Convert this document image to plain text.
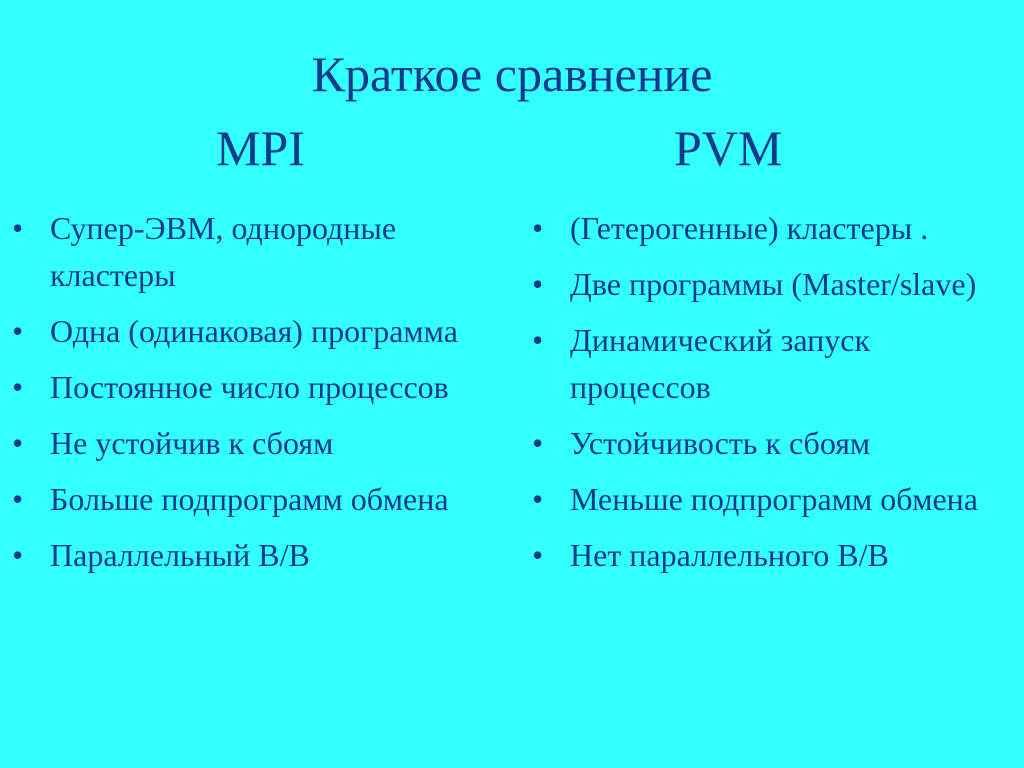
Краткое сравнение
MPI	PVM
• Супер-ЭВМ, однородные кластеры
• Одна (одинаковая) программа
• Постоянное число процессов
• Не устойчив к сбоям
• Больше подпрограмм обмена
• Параллельный В/В
• (Гетерогенные) кластеры .
• Две программы (Master/slave)
• Динамический запуск процессов
• Устойчивость к сбоям
• Меньше подпрограмм обмена
• Нет параллельного В/В
